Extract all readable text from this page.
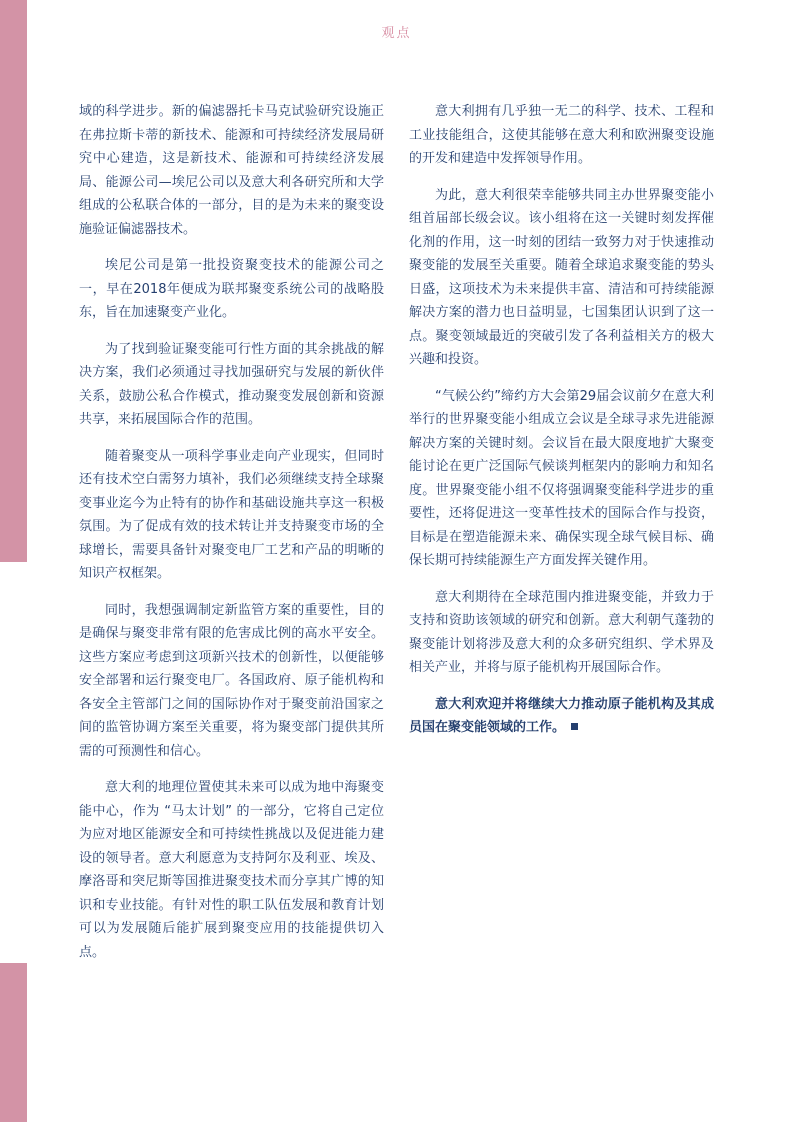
观点

域的科学进步。新的偏滤器托卡马克试验研究设施正在弗拉斯卡蒂的新技术、能源和可持续经济发展局研究中心建造，这是新技术、能源和可持续经济发展局、能源公司—埃尼公司以及意大利各研究所和大学组成的公私联合体的一部分，目的是为未来的聚变设施验证偏滤器技术。

埃尼公司是第一批投资聚变技术的能源公司之一，早在2018年便成为联邦聚变系统公司的战略股东，旨在加速聚变产业化。

为了找到验证聚变能可行性方面的其余挑战的解决方案，我们必须通过寻找加强研究与发展的新伙伴关系，鼓励公私合作模式，推动聚变发展创新和资源共享，来拓展国际合作的范围。

随着聚变从一项科学事业走向产业现实，但同时还有技术空白需努力填补，我们必须继续支持全球聚变事业迄今为止特有的协作和基础设施共享这一积极氛围。为了促成有效的技术转让并支持聚变市场的全球增长，需要具备针对聚变电厂工艺和产品的明晰的知识产权框架。

同时，我想强调制定新监管方案的重要性，目的是确保与聚变非常有限的危害成比例的高水平安全。这些方案应考虑到这项新兴技术的创新性，以便能够安全部署和运行聚变电厂。各国政府、原子能机构和各安全主管部门之间的国际协作对于聚变前沿国家之间的监管协调方案至关重要，将为聚变部门提供其所需的可预测性和信心。

意大利的地理位置使其未来可以成为地中海聚变能中心，作为 “马太计划” 的一部分，它将自己定位为应对地区能源安全和可持续性挑战以及促进能力建设的领导者。意大利愿意为支持阿尔及利亚、埃及、摩洛哥和突尼斯等国推进聚变技术而分享其广博的知识和专业技能。有针对性的职工队伍发展和教育计划可以为发展随后能扩展到聚变应用的技能提供切入点。

意大利拥有几乎独一无二的科学、技术、工程和工业技能组合，这使其能够在意大利和欧洲聚变设施的开发和建造中发挥领导作用。

为此，意大利很荣幸能够共同主办世界聚变能小组首届部长级会议。该小组将在这一关键时刻发挥催化剂的作用，这一时刻的团结一致努力对于快速推动聚变能的发展至关重要。随着全球追求聚变能的势头日盛，这项技术为未来提供丰富、清洁和可持续能源解决方案的潜力也日益明显，七国集团认识到了这一点。聚变领域最近的突破引发了各利益相关方的极大兴趣和投资。

“气候公约”缔约方大会第29届会议前夕在意大利举行的世界聚变能小组成立会议是全球寻求先进能源解决方案的关键时刻。会议旨在最大限度地扩大聚变能讨论在更广泛国际气候谈判框架内的影响力和知名度。世界聚变能小组不仅将强调聚变能科学进步的重要性，还将促进这一变革性技术的国际合作与投资，目标是在塑造能源未来、确保实现全球气候目标、确保长期可持续能源生产方面发挥关键作用。

意大利期待在全球范围内推进聚变能，并致力于支持和资助该领域的研究和创新。意大利朝气蓬勃的聚变能计划将涉及意大利的众多研究组织、学术界及相关产业，并将与原子能机构开展国际合作。

意大利欢迎并将继续大力推动原子能机构及其成员国在聚变能领域的工作。
